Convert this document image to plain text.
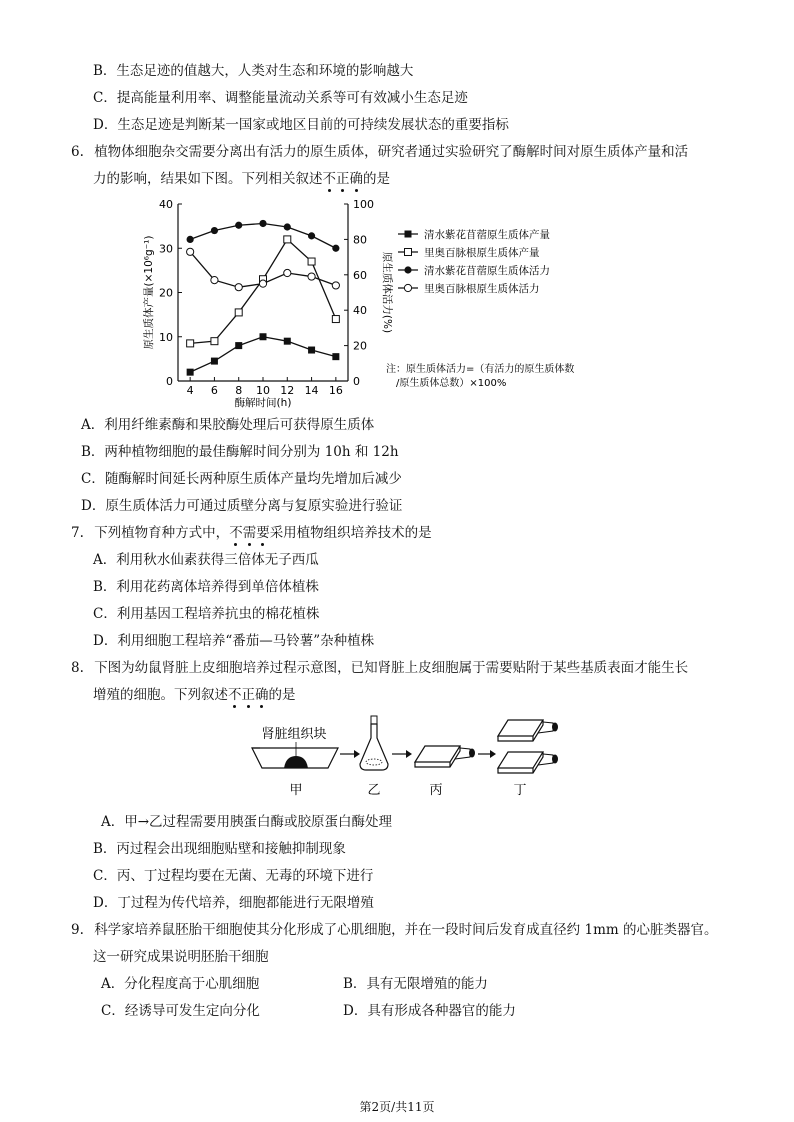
B．生态足迹的值越大，人类对生态和环境的影响越大
C．提高能量利用率、调整能量流动关系等可有效减小生态足迹
D．生态足迹是判断某一国家或地区目前的可持续发展状态的重要指标
6. 植物体细胞杂交需要分离出有活力的原生质体，研究者通过实验研究了酶解时间对原生质体产量和活
力的影响，结果如下图。下列相关叙述不正确的是
0
10
20
30
40
0
20
40
60
80
100
4 6 8 10 12 14 16
酶解时间(h)
原生质体产量(×10⁶g⁻¹)	原生质体活力(%)
清水紫花苜蓿原生质体产量
里奥百脉根原生质体产量
清水紫花苜蓿原生质体活力
里奥百脉根原生质体活力
注：原生质体活力=（有活力的原生质体数
/原生质体总数）×100%
A．利用纤维素酶和果胶酶处理后可获得原生质体
B．两种植物细胞的最佳酶解时间分别为 10h 和 12h
C．随酶解时间延长两种原生质体产量均先增加后减少
D．原生质体活力可通过质壁分离与复原实验进行验证
7. 下列植物育种方式中，不需要采用植物组织培养技术的是
A．利用秋水仙素获得三倍体无子西瓜
B．利用花药离体培养得到单倍体植株
C．利用基因工程培养抗虫的棉花植株
D．利用细胞工程培养“番茄—马铃薯”杂种植株
8. 下图为幼鼠肾脏上皮细胞培养过程示意图，已知肾脏上皮细胞属于需要贴附于某些基质表面才能生长
增殖的细胞。下列叙述不正确的是
肾脏组织块
甲	乙	丙	丁
A．甲→乙过程需要用胰蛋白酶或胶原蛋白酶处理
B．丙过程会出现细胞贴壁和接触抑制现象
C．丙、丁过程均要在无菌、无毒的环境下进行
D．丁过程为传代培养，细胞都能进行无限增殖
9. 科学家培养鼠胚胎干细胞使其分化形成了心肌细胞，并在一段时间后发育成直径约 1mm 的心脏类器官。
这一研究成果说明胚胎干细胞
A．分化程度高于心肌细胞	B．具有无限增殖的能力
C．经诱导可发生定向分化	D．具有形成各种器官的能力
第2页/共11页
